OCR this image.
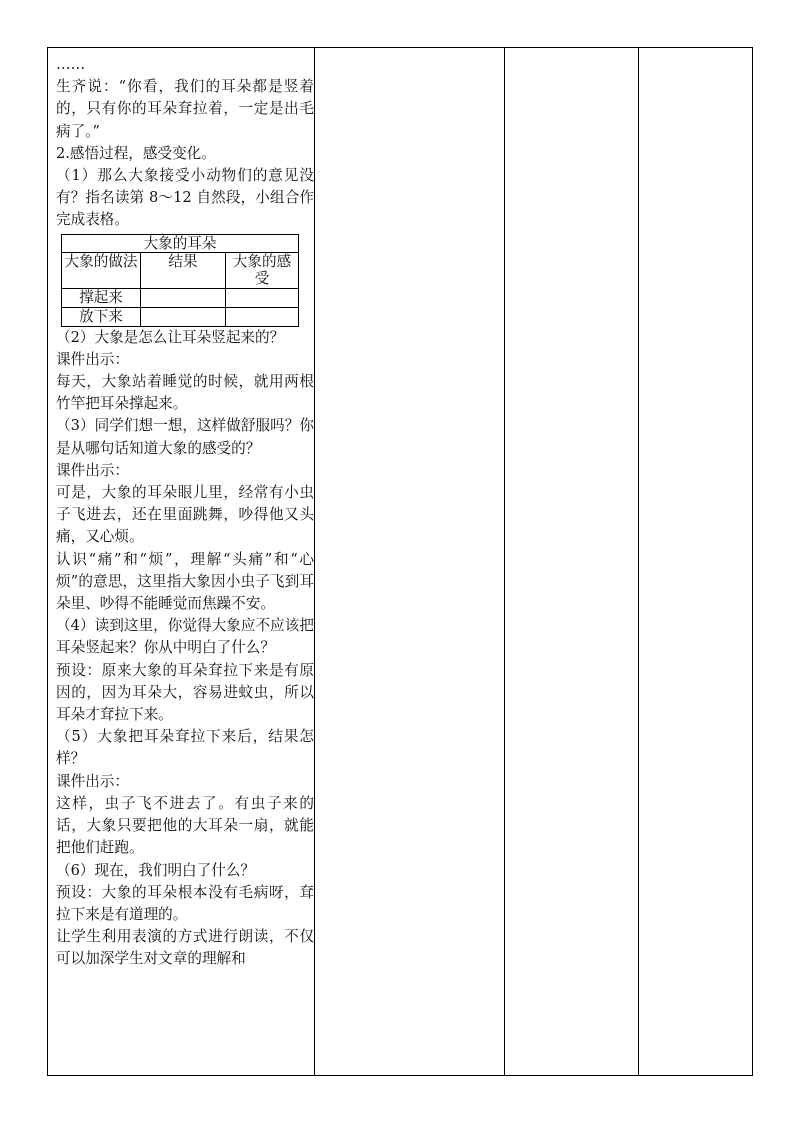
……

生齐说：“你看，我们的耳朵都是竖着的，只有你的耳朵耷拉着，一定是出毛病了。”

2.感悟过程，感受变化。

（1）那么大象接受小动物们的意见没有？指名读第 8～12 自然段，小组合作完成表格。

大象的耳朵		
大象的做法	结果	大象的感受
撑起来		
放下来		

（2）大象是怎么让耳朵竖起来的？

课件出示：

每天，大象站着睡觉的时候，就用两根竹竿把耳朵撑起来。

（3）同学们想一想，这样做舒服吗？你是从哪句话知道大象的感受的？

课件出示：

可是，大象的耳朵眼儿里，经常有小虫子飞进去，还在里面跳舞，吵得他又头痛，又心烦。

认识“痛”和“烦”，理解“头痛”和“心烦”的意思，这里指大象因小虫子飞到耳朵里、吵得不能睡觉而焦躁不安。

（4）读到这里，你觉得大象应不应该把耳朵竖起来？你从中明白了什么？

预设：原来大象的耳朵耷拉下来是有原因的，因为耳朵大，容易进蚊虫，所以耳朵才耷拉下来。

（5）大象把耳朵耷拉下来后，结果怎样？

课件出示：

这样，虫子飞不进去了。有虫子来的话，大象只要把他的大耳朵一扇，就能把他们赶跑。

（6）现在，我们明白了什么？

预设：大象的耳朵根本没有毛病呀，耷拉下来是有道理的。

让学生利用表演的方式进行朗读，不仅可以加深学生对文章的理解和
